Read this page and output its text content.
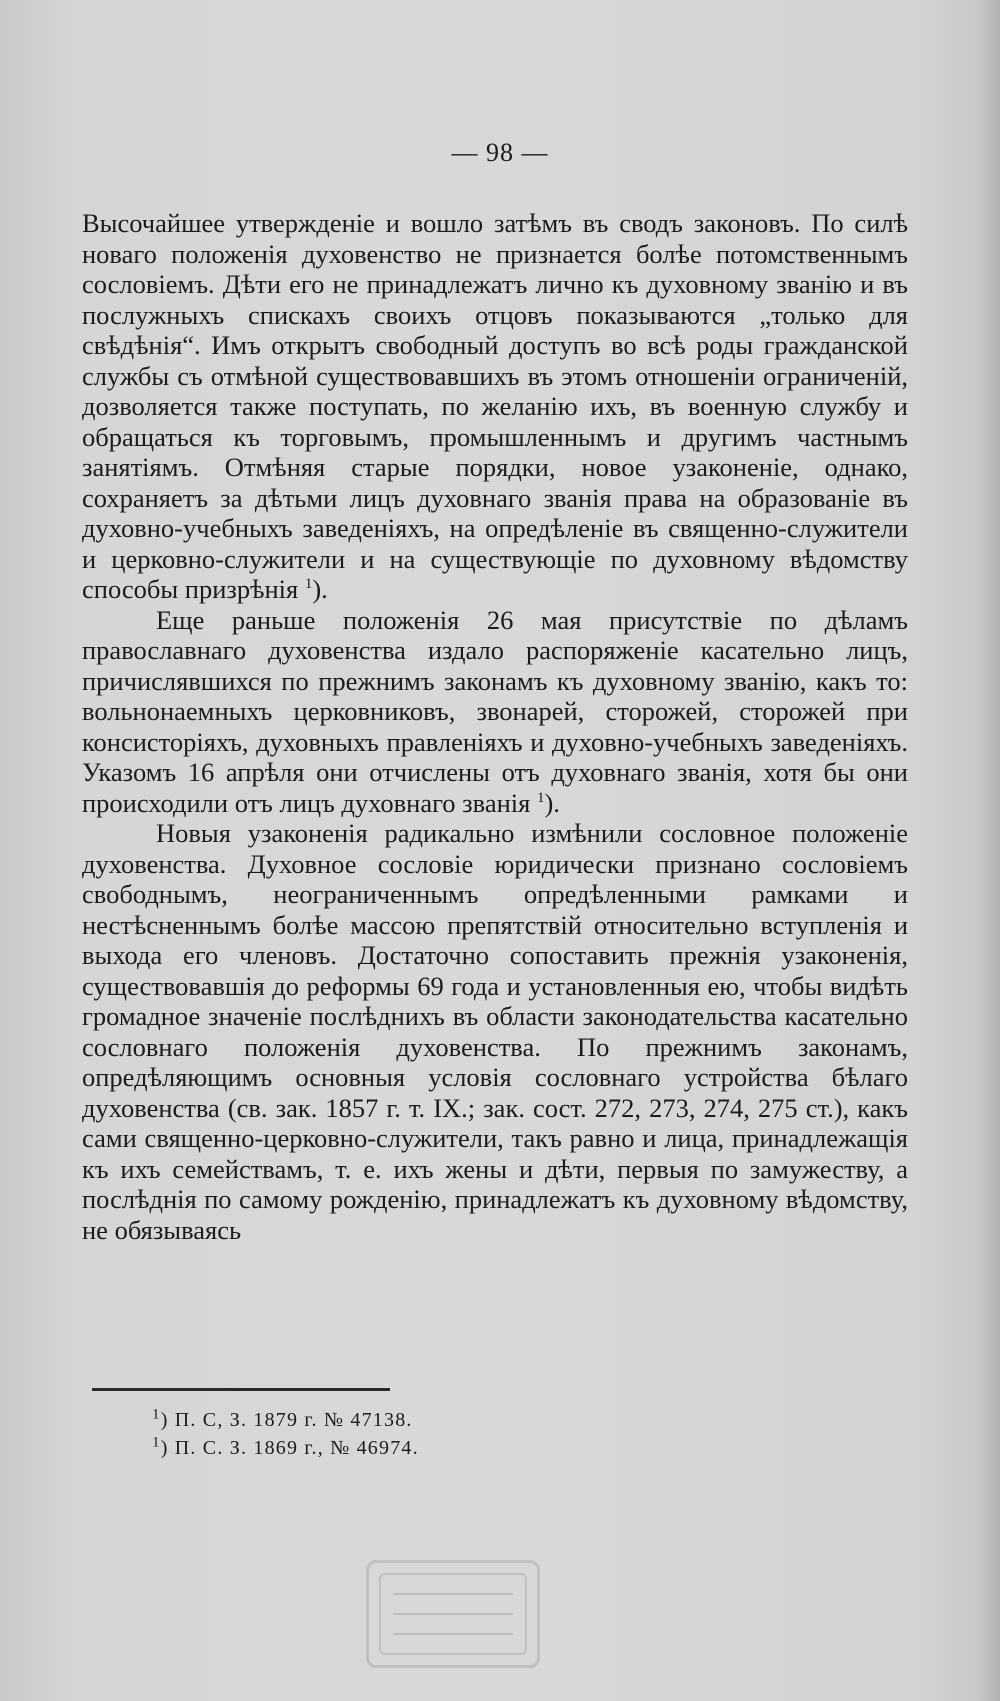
— 98 —

Высочайшее утвержденіе и вошло затѣмъ въ сводъ законовъ. По силѣ новаго положенія духовенство не признается болѣе потомственнымъ сословіемъ. Дѣти его не принадлежатъ лично къ духовному званію и въ послужныхъ спискахъ своихъ отцовъ показываются „только для свѣдѣнія“. Имъ открытъ свободный доступъ во всѣ роды гражданской службы съ отмѣной существовавшихъ въ этомъ отношеніи ограниченій, дозволяется также поступать, по желанію ихъ, въ военную службу и обращаться къ торговымъ, промышленнымъ и другимъ частнымъ занятіямъ. Отмѣняя старые порядки, новое узаконеніе, однако, сохраняетъ за дѣтьми лицъ духовнаго званія права на образованіе въ духовно-учебныхъ заведеніяхъ, на опредѣленіе въ священно-служители и церковно-служители и на существующіе по духовному вѣдомству способы призрѣнія $^1$).

Еще раньше положенія 26 мая присутствіе по дѣламъ православнаго духовенства издало распоряженіе касательно лицъ, причислявшихся по прежнимъ законамъ къ духовному званію, какъ то: вольнонаемныхъ церковниковъ, звонарей, сторожей, сторожей при консисторіяхъ, духовныхъ правленіяхъ и духовно-учебныхъ заведеніяхъ. Указомъ 16 апрѣля они отчислены отъ духовнаго званія, хотя бы они происходили отъ лицъ духовнаго званія $^1$).

Новыя узаконенія радикально измѣнили сословное положеніе духовенства. Духовное сословіе юридически признано сословіемъ свободнымъ, неограниченнымъ опредѣленными рамками и нестѣсненнымъ болѣе массою препятствій относительно вступленія и выхода его членовъ. Достаточно сопоставить прежнія узаконенія, существовавшія до реформы 69 года и установленныя ею, чтобы видѣть громадное значеніе послѣднихъ въ области законодательства касательно сословнаго положенія духовенства. По прежнимъ законамъ, опредѣляющимъ основныя условія сословнаго устройства бѣлаго духовенства (св. зак. 1857 г. т. IX.; зак. сост. 272, 273, 274, 275 ст.), какъ сами священно-церковно-служители, такъ равно и лица, принадлежащія къ ихъ семействамъ, т. е. ихъ жены и дѣти, первыя по замужеству, а послѣднія по самому рожденію, принадлежатъ къ духовному вѣдомству, не обязываясь

$^1$) П. С, З. 1879 г. № 47138.

$^1$) П. С. З. 1869 г., № 46974.
